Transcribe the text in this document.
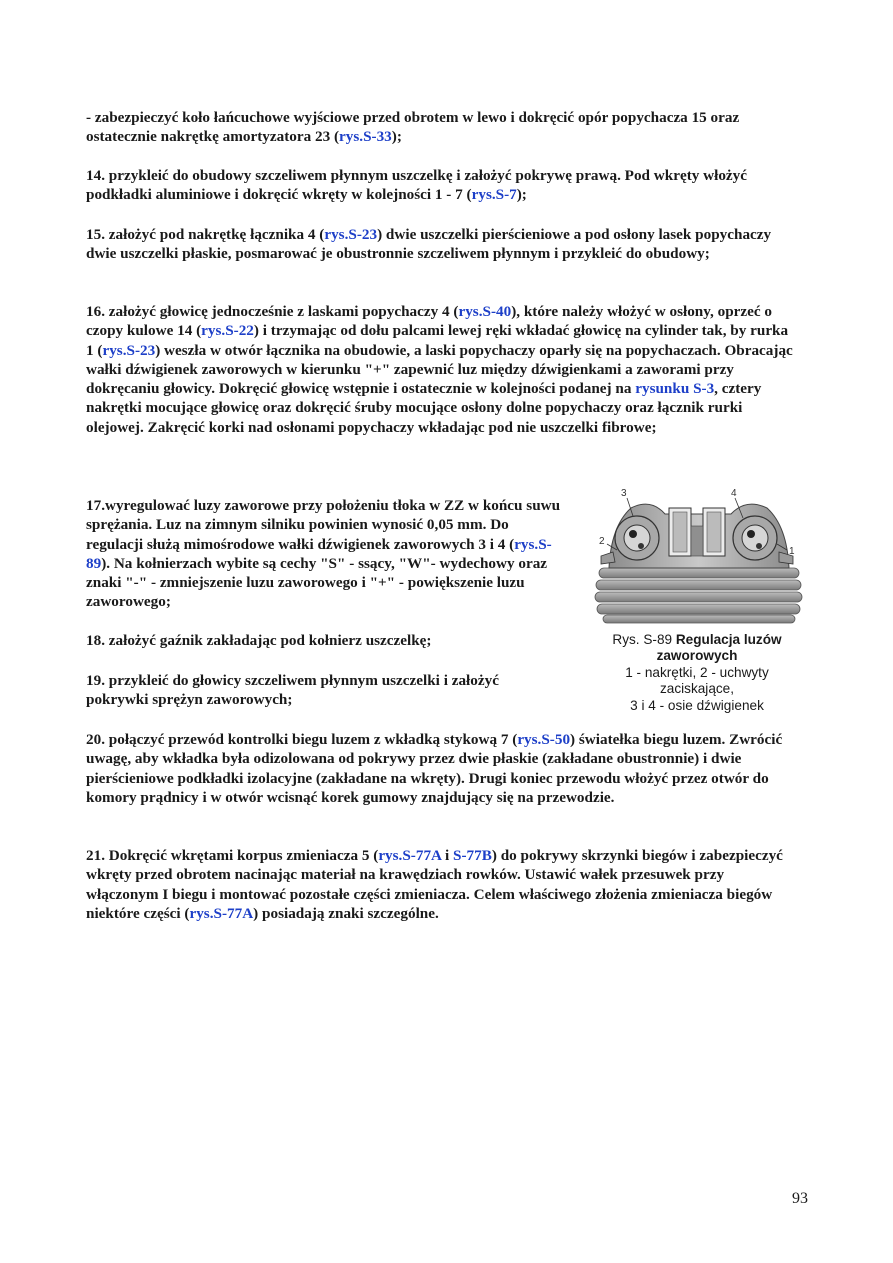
- zabezpieczyć koło łańcuchowe wyjściowe przed obrotem w lewo i dokręcić opór popychacza 15 oraz ostatecznie nakrętkę amortyzatora 23 (rys.S-33);

14. przykleić do obudowy szczeliwem płynnym uszczelkę i założyć pokrywę prawą. Pod wkręty włożyć podkładki aluminiowe i dokręcić wkręty w kolejności 1 - 7 (rys.S-7);

15. założyć pod nakrętkę łącznika 4 (rys.S-23) dwie uszczelki pierścieniowe a pod osłony lasek popychaczy dwie uszczelki płaskie, posmarować je obustronnie szczeliwem płynnym i przykleić do obudowy;

16. założyć głowicę jednocześnie z laskami popychaczy 4 (rys.S-40), które należy włożyć w osłony, oprzeć o czopy kulowe 14 (rys.S-22) i trzymając od dołu palcami lewej ręki wkładać głowicę na cylinder tak, by rurka 1 (rys.S-23) weszła w otwór łącznika na obudowie, a laski popychaczy oparły się na popychaczach. Obracając wałki dźwigienek zaworowych w kierunku "+" zapewnić luz między dźwigienkami a zaworami przy dokręcaniu głowicy. Dokręcić głowicę wstępnie i ostatecznie w kolejności podanej na rysunku S-3, cztery nakrętki mocujące głowicę oraz dokręcić śruby mocujące osłony dolne popychaczy oraz łącznik rurki olejowej. Zakręcić korki nad osłonami popychaczy wkładając pod nie uszczelki fibrowe;

17.wyregulować luzy zaworowe przy położeniu tłoka w ZZ w końcu suwu sprężania. Luz na zimnym silniku powinien wynosić 0,05 mm. Do regulacji służą mimośrodowe wałki dźwigienek zaworowych 3 i 4 (rys.S-89). Na kołnierzach wybite są cechy "S" - ssący, "W"- wydechowy oraz znaki "-" - zmniejszenie luzu zaworowego i "+" - powiększenie luzu zaworowego;

18. założyć gaźnik zakładając pod kołnierz uszczelkę;

19. przykleić do głowicy szczeliwem płynnym uszczelki i założyć pokrywki sprężyn zaworowych;

20. połączyć przewód kontrolki biegu luzem z wkładką stykową 7 (rys.S-50) światełka biegu luzem. Zwrócić uwagę, aby wkładka była odizolowana od pokrywy przez dwie płaskie (zakładane obustronnie) i dwie pierścieniowe podkładki izolacyjne (zakładane na wkręty). Drugi koniec przewodu włożyć przez otwór do komory prądnicy i w otwór wcisnąć korek gumowy znajdujący się na przewodzie.

21. Dokręcić wkrętami korpus zmieniacza 5 (rys.S-77A i S-77B) do pokrywy skrzynki biegów i zabezpieczyć wkręty przed obrotem nacinając materiał na krawędziach rowków. Ustawić wałek przesuwek przy włączonym I biegu i montować pozostałe części zmieniacza. Celem właściwego złożenia zmieniacza biegów niektóre części (rys.S-77A) posiadają znaki szczególne.

3	4
2
1
Rys. S-89 Regulacja luzów zaworowych
1 - nakrętki, 2 - uchwyty zaciskające,
3 i 4 - osie dźwigienek
93
